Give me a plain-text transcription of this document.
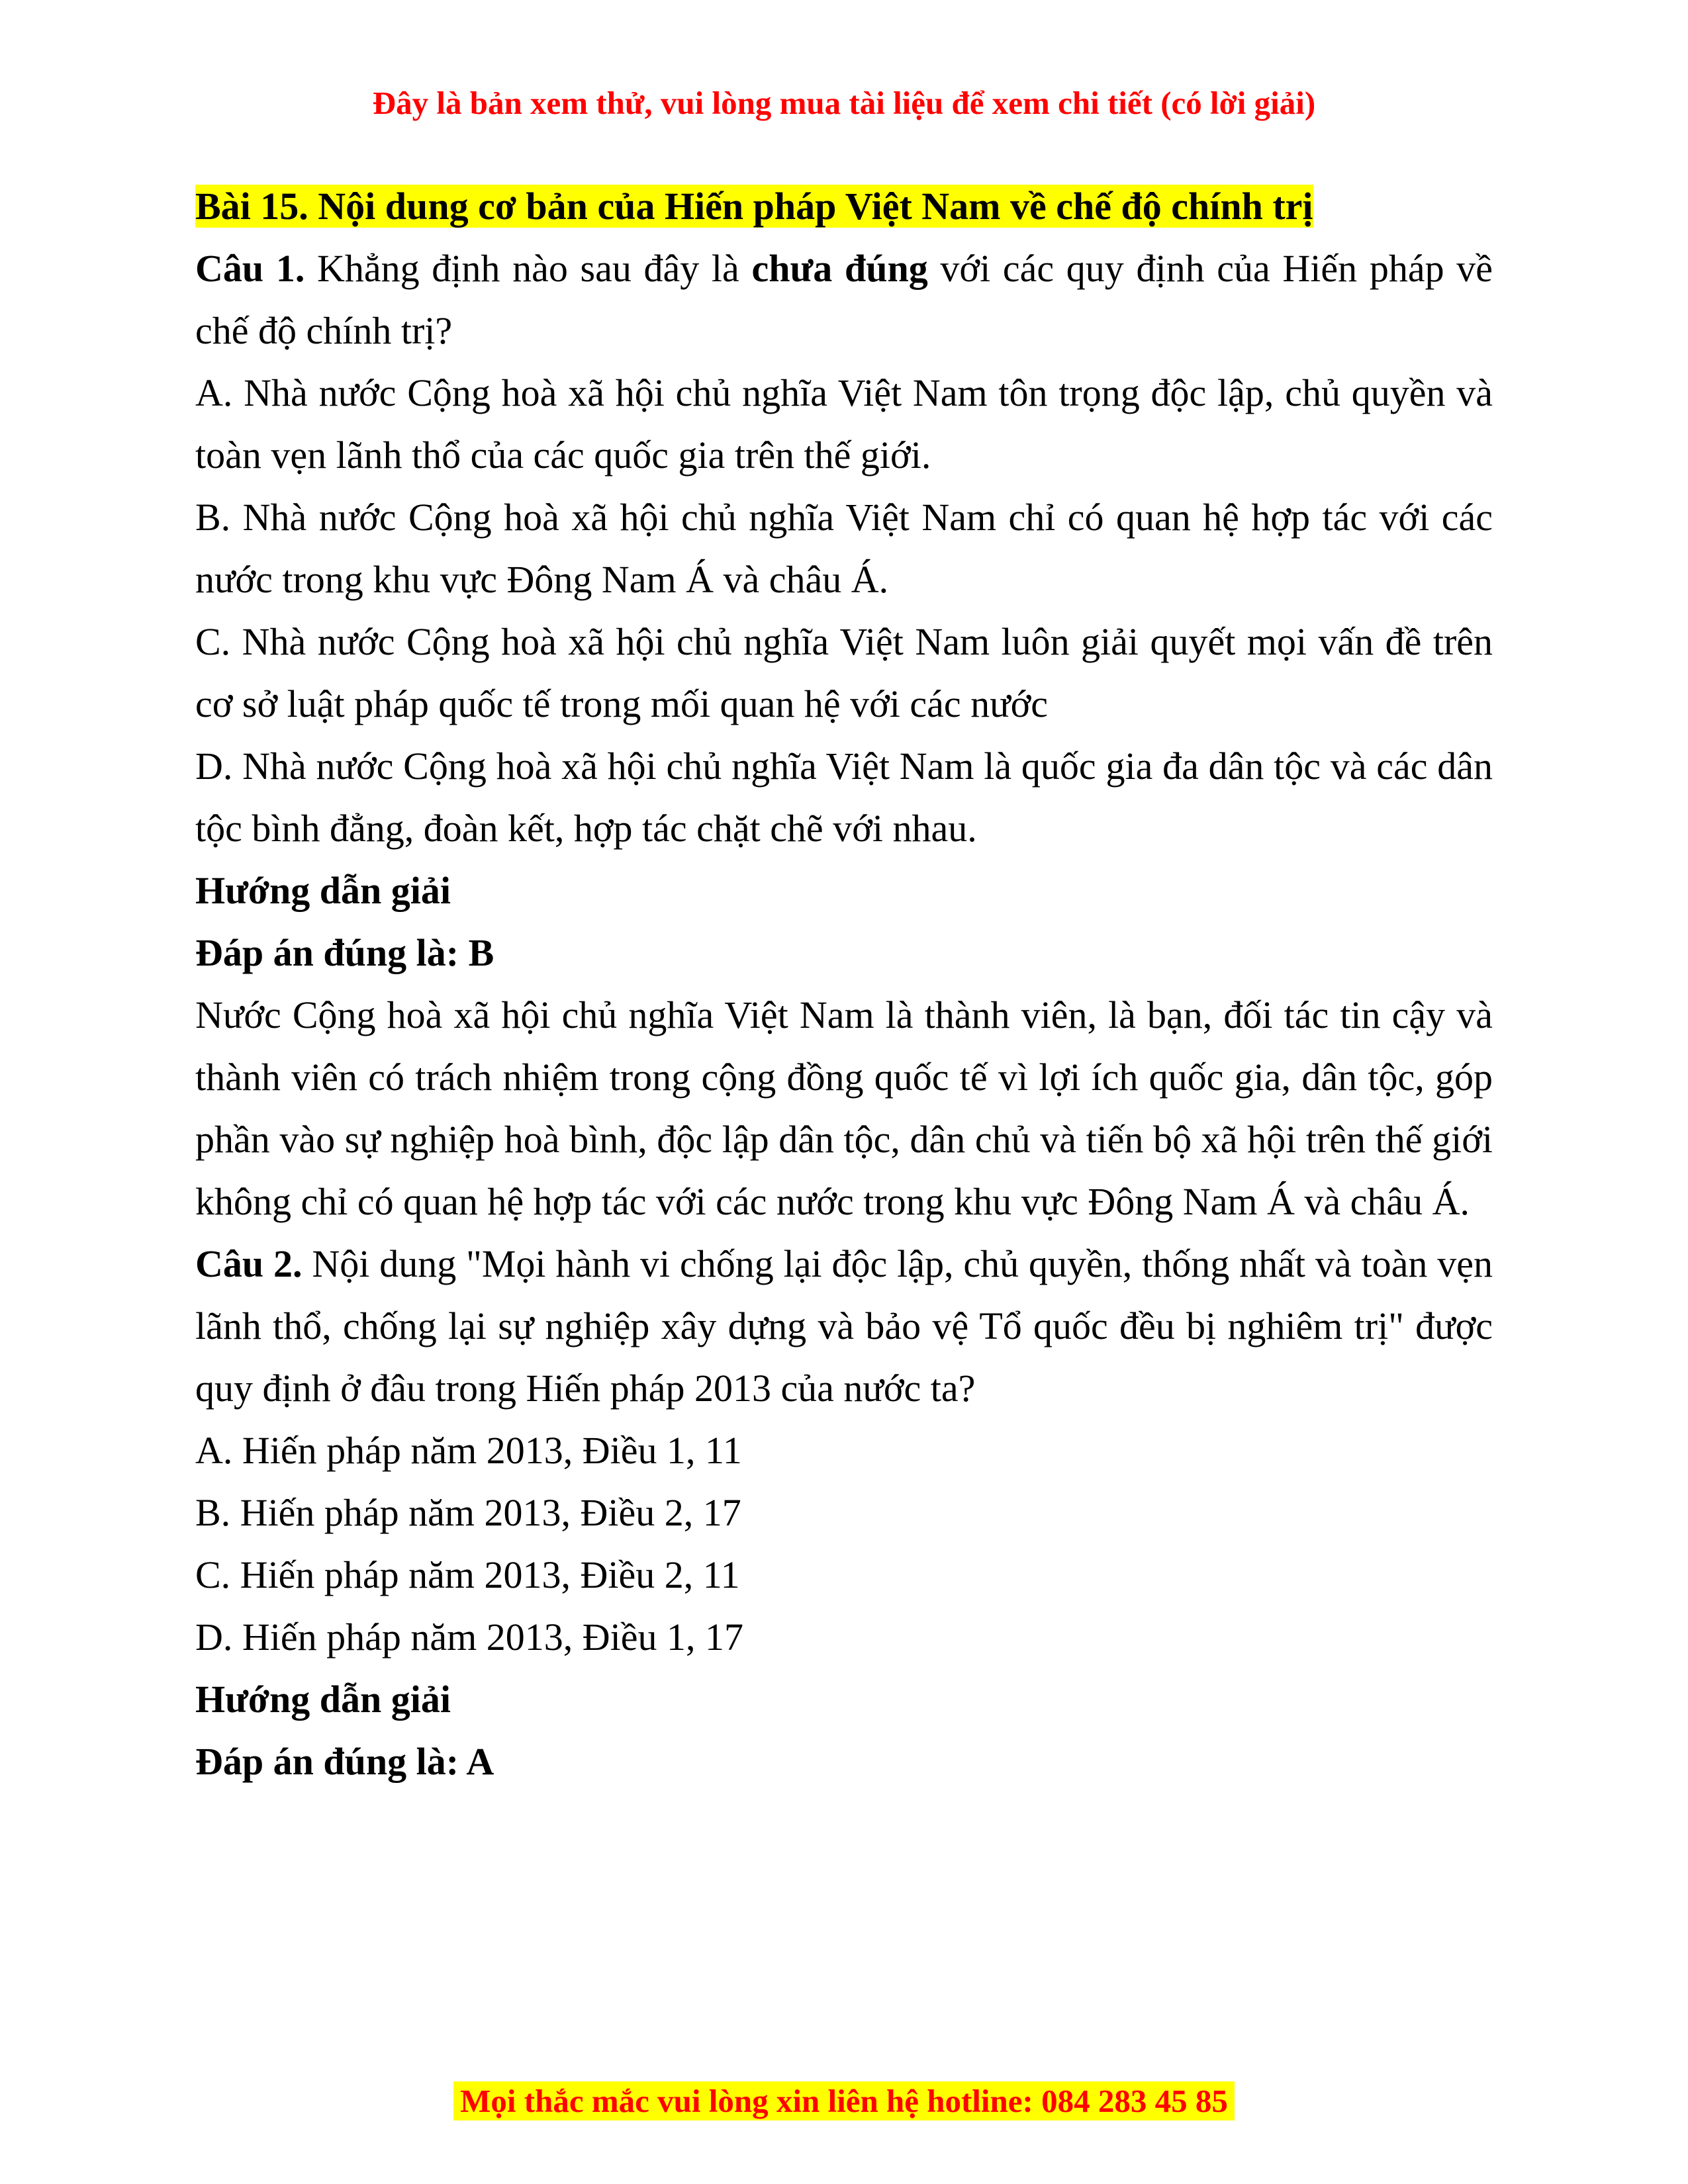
Đây là bản xem thử, vui lòng mua tài liệu để xem chi tiết (có lời giải)

Bài 15. Nội dung cơ bản của Hiến pháp Việt Nam về chế độ chính trị

Câu 1. Khẳng định nào sau đây là chưa đúng với các quy định của Hiến pháp về chế độ chính trị?

A. Nhà nước Cộng hoà xã hội chủ nghĩa Việt Nam tôn trọng độc lập, chủ quyền và toàn vẹn lãnh thổ của các quốc gia trên thế giới.

B. Nhà nước Cộng hoà xã hội chủ nghĩa Việt Nam chỉ có quan hệ hợp tác với các nước trong khu vực Đông Nam Á và châu Á.

C. Nhà nước Cộng hoà xã hội chủ nghĩa Việt Nam luôn giải quyết mọi vấn đề trên cơ sở luật pháp quốc tế trong mối quan hệ với các nước

D. Nhà nước Cộng hoà xã hội chủ nghĩa Việt Nam là quốc gia đa dân tộc và các dân tộc bình đẳng, đoàn kết, hợp tác chặt chẽ với nhau.

Hướng dẫn giải

Đáp án đúng là: B

Nước Cộng hoà xã hội chủ nghĩa Việt Nam là thành viên, là bạn, đối tác tin cậy và thành viên có trách nhiệm trong cộng đồng quốc tế vì lợi ích quốc gia, dân tộc, góp phần vào sự nghiệp hoà bình, độc lập dân tộc, dân chủ và tiến bộ xã hội trên thế giới không chỉ có quan hệ hợp tác với các nước trong khu vực Đông Nam Á và châu Á.

Câu 2. Nội dung "Mọi hành vi chống lại độc lập, chủ quyền, thống nhất và toàn vẹn lãnh thổ, chống lại sự nghiệp xây dựng và bảo vệ Tổ quốc đều bị nghiêm trị" được quy định ở đâu trong Hiến pháp 2013 của nước ta?

A. Hiến pháp năm 2013, Điều 1, 11

B. Hiến pháp năm 2013, Điều 2, 17

C. Hiến pháp năm 2013, Điều 2, 11

D. Hiến pháp năm 2013, Điều 1, 17

Hướng dẫn giải

Đáp án đúng là: A

Mọi thắc mắc vui lòng xin liên hệ hotline: 084 283 45 85
